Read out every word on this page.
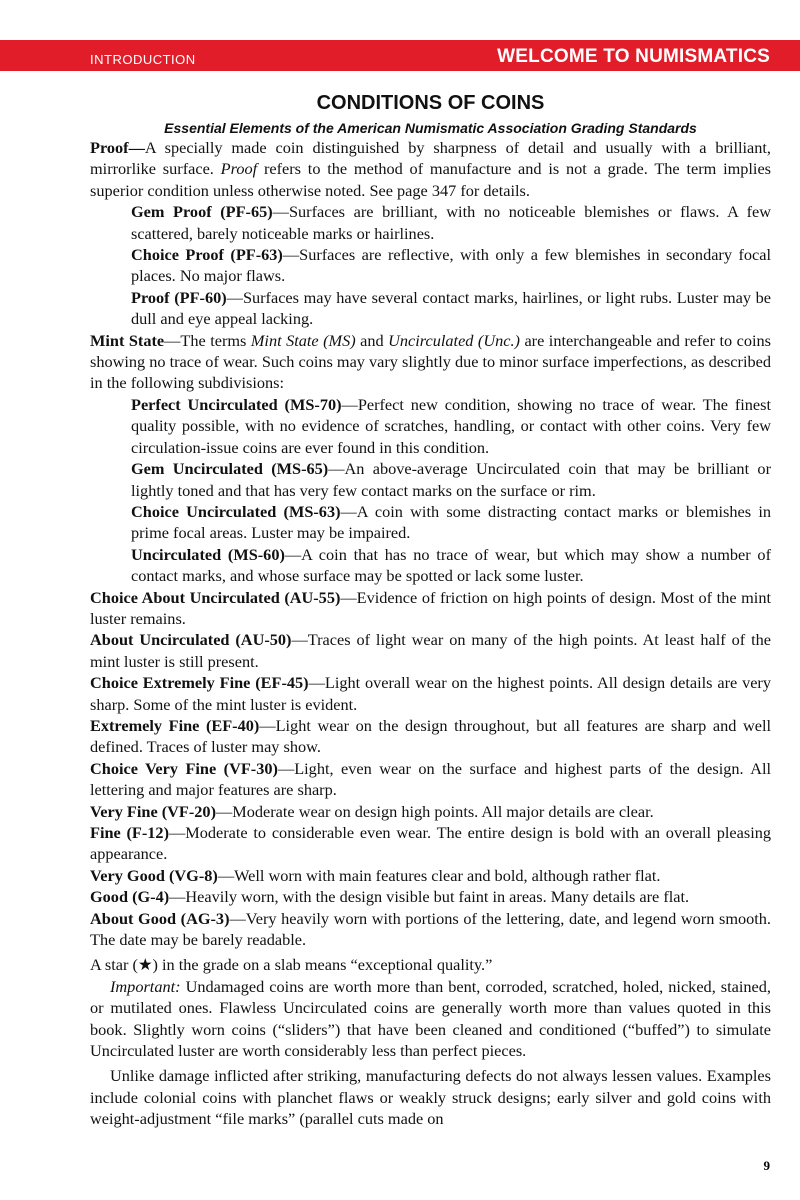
INTRODUCTION	WELCOME TO NUMISMATICS
CONDITIONS OF COINS
Essential Elements of the American Numismatic Association Grading Standards

Proof—A specially made coin distinguished by sharpness of detail and usually with a brilliant, mirrorlike surface. Proof refers to the method of manufacture and is not a grade. The term implies superior condition unless otherwise noted. See page 347 for details.

Gem Proof (PF-65)—Surfaces are brilliant, with no noticeable blemishes or flaws. A few scattered, barely noticeable marks or hairlines.

Choice Proof (PF-63)—Surfaces are reflective, with only a few blemishes in secondary focal places. No major flaws.

Proof (PF-60)—Surfaces may have several contact marks, hairlines, or light rubs. Luster may be dull and eye appeal lacking.

Mint State—The terms Mint State (MS) and Uncirculated (Unc.) are interchangeable and refer to coins showing no trace of wear. Such coins may vary slightly due to minor surface imperfections, as described in the following subdivisions:

Perfect Uncirculated (MS-70)—Perfect new condition, showing no trace of wear. The finest quality possible, with no evidence of scratches, handling, or contact with other coins. Very few circulation-issue coins are ever found in this condition.

Gem Uncirculated (MS-65)—An above-average Uncirculated coin that may be brilliant or lightly toned and that has very few contact marks on the surface or rim.

Choice Uncirculated (MS-63)—A coin with some distracting contact marks or blemishes in prime focal areas. Luster may be impaired.

Uncirculated (MS-60)—A coin that has no trace of wear, but which may show a number of contact marks, and whose surface may be spotted or lack some luster.

Choice About Uncirculated (AU-55)—Evidence of friction on high points of design. Most of the mint luster remains.

About Uncirculated (AU-50)—Traces of light wear on many of the high points. At least half of the mint luster is still present.

Choice Extremely Fine (EF-45)—Light overall wear on the highest points. All design details are very sharp. Some of the mint luster is evident.

Extremely Fine (EF-40)—Light wear on the design throughout, but all features are sharp and well defined. Traces of luster may show.

Choice Very Fine (VF-30)—Light, even wear on the surface and highest parts of the design. All lettering and major features are sharp.

Very Fine (VF-20)—Moderate wear on design high points. All major details are clear.

Fine (F-12)—Moderate to considerable even wear. The entire design is bold with an overall pleasing appearance.

Very Good (VG-8)—Well worn with main features clear and bold, although rather flat.

Good (G-4)—Heavily worn, with the design visible but faint in areas. Many details are flat.

About Good (AG-3)—Very heavily worn with portions of the lettering, date, and legend worn smooth. The date may be barely readable.

A star (★) in the grade on a slab means “exceptional quality.”

Important: Undamaged coins are worth more than bent, corroded, scratched, holed, nicked, stained, or mutilated ones. Flawless Uncirculated coins are generally worth more than values quoted in this book. Slightly worn coins (“sliders”) that have been cleaned and conditioned (“buffed”) to simulate Uncirculated luster are worth considerably less than perfect pieces.

Unlike damage inflicted after striking, manufacturing defects do not always lessen values. Examples include colonial coins with planchet flaws or weakly struck designs; early silver and gold coins with weight-adjustment “file marks” (parallel cuts made on

9
